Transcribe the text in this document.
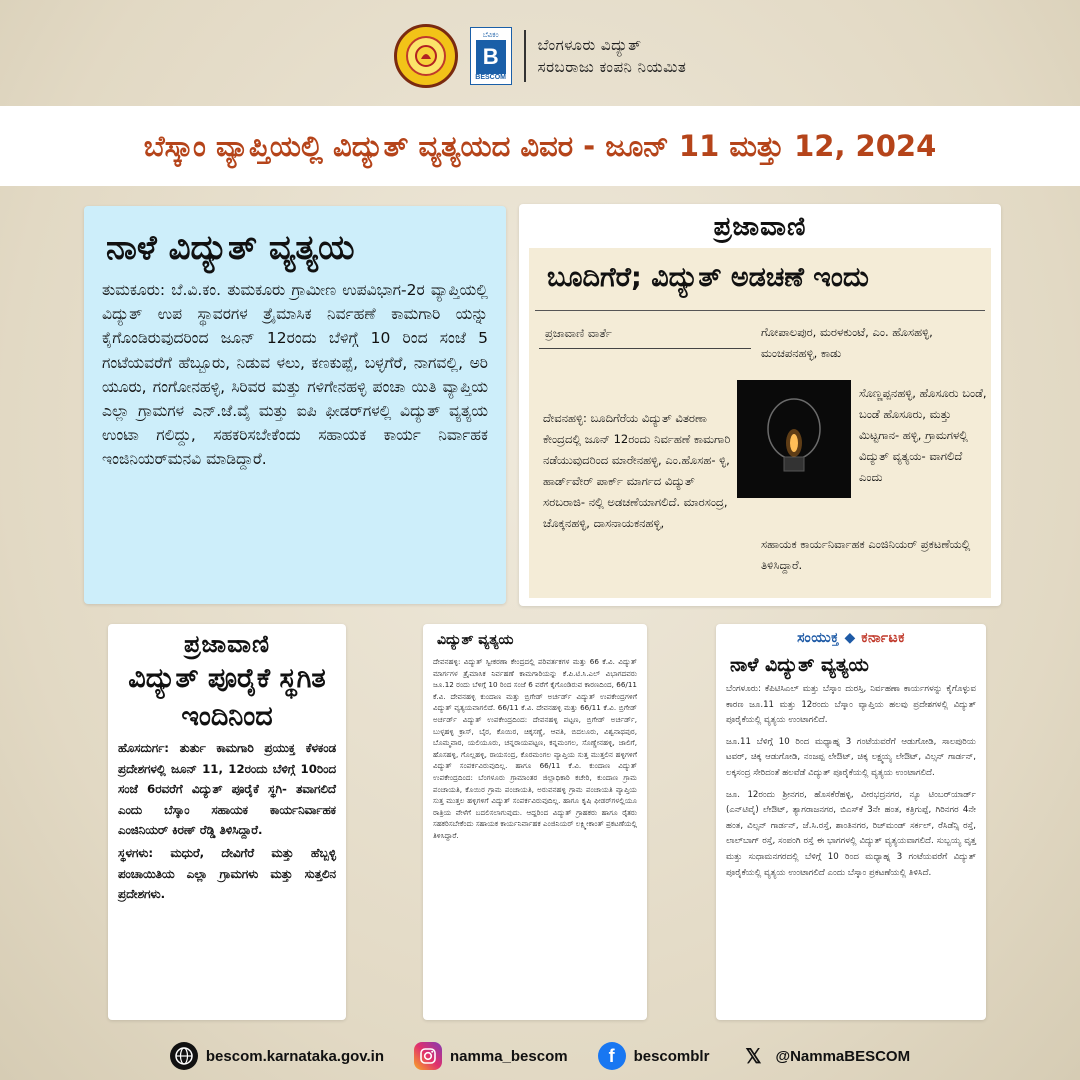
ಬೆವಿಕಂ
B
BESCOM
ಬೆಂಗಳೂರು ವಿದ್ಯುತ್
ಸರಬರಾಜು ಕಂಪನಿ ನಿಯಮಿತ
ಬೆಸ್ಕಾಂ ವ್ಯಾಪ್ತಿಯಲ್ಲಿ ವಿದ್ಯುತ್ ವ್ಯತ್ಯಯದ ವಿವರ - ಜೂನ್ 11 ಮತ್ತು 12, 2024
ನಾಳೆ ವಿದ್ಯುತ್ ವ್ಯತ್ಯಯ
ತುಮಕೂರು: ಬೆ.ವಿ.ಕಂ. ತುಮಕೂರು ಗ್ರಾಮೀಣ ಉಪವಿಭಾಗ-2ರ ವ್ಯಾಪ್ತಿಯಲ್ಲಿ ವಿದ್ಯುತ್ ಉಪ ಸ್ಥಾವರಗಳ ತ್ರೈಮಾಸಿಕ ನಿರ್ವಹಣೆ ಕಾಮಗಾರಿ ಯನ್ನು ಕೈಗೊಂಡಿರುವುದರಿಂದ ಜೂನ್ 12ರಂದು ಬೆಳಿಗ್ಗೆ 10 ರಿಂದ ಸಂಜೆ 5 ಗಂಟೆಯವರೆಗೆ ಹೆಬ್ಬೂರು, ನಿಡುವ ಳಲು, ಕಣಕುಪ್ಪೆ, ಬಳ್ಳಗೆರೆ, ನಾಗವಲ್ಲಿ, ಅರಿ ಯೂರು, ಗಂಗೋನಹಳ್ಳಿ, ಸಿರಿವರ ಮತ್ತು ಗಳಿಗೇನಹಳ್ಳಿ ಪಂಚಾ ಯಿತಿ ವ್ಯಾಪ್ತಿಯ ಎಲ್ಲಾ ಗ್ರಾಮಗಳ ಎನ್.ಜೆ.ವೈ ಮತ್ತು ಐಪಿ ಫೀಡರ್‌ಗಳಲ್ಲಿ ವಿದ್ಯುತ್ ವ್ಯತ್ಯಯ ಉಂಟಾ ಗಲಿದ್ದು, ಸಹಕರಿಸಬೇಕೆಂದು ಸಹಾಯಕ ಕಾರ್ಯ ನಿರ್ವಾಹಕ ಇಂಜಿನಿಯರ್‌ಮನವಿ ಮಾಡಿದ್ದಾರೆ.
ಪ್ರಜಾವಾಣಿ
ಬೂದಿಗೆರೆ; ವಿದ್ಯುತ್ ಅಡಚಣೆ ಇಂದು
ಪ್ರಜಾವಾಣಿ ವಾರ್ತೆ
ದೇವನಹಳ್ಳಿ: ಬೂದಿಗೆರೆಯ ವಿದ್ಯುತ್ ವಿತರಣಾ ಕೇಂದ್ರದಲ್ಲಿ ಜೂನ್ 12ರಂದು ನಿರ್ವಹಣೆ ಕಾಮಗಾರಿ ನಡೆಯುವುದರಿಂದ ಮಾರೇನಹಳ್ಳಿ, ಎಂ.ಹೊಸಹ- ಳ್ಳಿ, ಹಾರ್ಡ್‌ವೇರ್ ಪಾರ್ಕ್ ಮಾರ್ಗದ ವಿದ್ಯುತ್ ಸರಬರಾಜಿ- ನಲ್ಲಿ ಅಡಚಣೆಯಾಗಲಿದೆ. ಮಾರಸಂದ್ರ, ಚೊಕ್ಕನಹಳ್ಳಿ, ದಾಸನಾಯಕನಹಳ್ಳಿ,
ಗೋಪಾಲಪುರ, ಮರಳಕುಂಟೆ, ಎಂ. ಹೊಸಹಳ್ಳಿ, ಮಂಚಪನಹಳ್ಳಿ, ಕಾಡು
ಸೊಣ್ಣಪ್ಪನಹಳ್ಳಿ, ಹೊಸೂರು ಬಂಡೆ, ಬಂಡೆ ಹೊಸೂರು, ಮತ್ತು ಮಿಟ್ಟಗಾನ- ಹಳ್ಳಿ, ಗ್ರಾಮಗಳಲ್ಲಿ ವಿದ್ಯುತ್ ವ್ಯತ್ಯಯ- ವಾಗಲಿದೆ ಎಂದು
ಸಹಾಯಕ ಕಾರ್ಯನಿರ್ವಾಹಕ ಎಂಜಿನಿಯರ್ ಪ್ರಕಟಣೆಯಲ್ಲಿ ತಿಳಿಸಿದ್ದಾರೆ.
ಪ್ರಜಾವಾಣಿ
ವಿದ್ಯುತ್ ಪೂರೈಕೆ ಸ್ಥಗಿತ ಇಂದಿನಿಂದ
ಹೊಸದುರ್ಗ: ತುರ್ತು ಕಾಮಗಾರಿ ಪ್ರಯುಕ್ತ ಕೆಳಕಂಡ ಪ್ರದೇಶಗಳಲ್ಲಿ ಜೂನ್ 11, 12ರಂದು ಬೆಳಿಗ್ಗೆ 10ರಿಂದ ಸಂಜೆ 6ರವರೆಗೆ ವಿದ್ಯುತ್ ಪೂರೈಕೆ ಸ್ಥಗಿ- ತವಾಗಲಿದೆ ಎಂದು ಬೆಸ್ಕಾಂ ಸಹಾಯಕ ಕಾರ್ಯನಿರ್ವಾಹಕ ಎಂಜಿನಿಯರ್ ಕಿರಣ್ ರೆಡ್ಡಿ ತಿಳಿಸಿದ್ದಾರೆ.
ಸ್ಥಳಗಳು: ಮಧುರೆ, ದೇವಿಗೆರೆ ಮತ್ತು ಹೆಬ್ಬಳ್ಳಿ ಪಂಚಾಯಿತಿಯ ಎಲ್ಲಾ ಗ್ರಾಮಗಳು ಮತ್ತು ಸುತ್ತಲಿನ ಪ್ರದೇಶಗಳು.
ವಿದ್ಯುತ್ ವ್ಯತ್ಯಯ
ದೇವನಹಳ್ಳಿ: ವಿದ್ಯುತ್ ಸ್ವೀಕರಣಾ ಕೇಂದ್ರದಲ್ಲಿ ಪರಿವರ್ತಕಗಳ ಮತ್ತು 66 ಕೆ.ವಿ. ವಿದ್ಯುತ್ ಮಾರ್ಗಗಳ ತ್ರೈಮಾಸಿಕ ನಿರ್ವಹಣೆ ಕಾಮಗಾರಿಯನ್ನು ಕೆ.ಪಿ.ಟಿ.ಸಿ.ಎಲ್ ವಿಭಾಗದವರು ಜೂ.12 ರಂದು ಬೆಳಿಗ್ಗೆ 10 ರಿಂದ ಸಂಜೆ 6 ವರೆಗೆ ಕೈಗೊಂಡಿರುವ ಕಾರಣದಿಂದ, 66/11 ಕೆ.ವಿ. ದೇವನಹಳ್ಳಿ ಕುಂದಾಣ ಮತ್ತು ಬ್ರಿಗೇಡ್ ಅರ್ಚರ್ಡ್ ವಿದ್ಯುತ್ ಉಪಕೇಂದ್ರಗಳಿಗೆ ವಿದ್ಯುತ್ ವ್ಯತ್ಯಯವಾಗಲಿದೆ. 66/11 ಕೆ.ವಿ. ದೇವನಹಳ್ಳಿ ಮತ್ತು 66/11 ಕೆ.ವಿ. ಬ್ರಿಗೇಡ್ ಅರ್ಚರ್ಡ್ ವಿದ್ಯುತ್ ಉಪಕೇಂದ್ರದಿಂದ: ದೇವನಹಳ್ಳಿ ಪಟ್ಟಣ, ಬ್ರಿಗೇಡ್ ಅರ್ಚರ್ಡ್, ಬುಳ್ಳಹಳ್ಳಿ ಕ್ರಾಸ್, ಬೈರ, ಕೊಯಿರ, ಚಿಕ್ಕಸಣ್ಣೆ, ಆವತಿ, ಬಿದಲೂರು, ವಿಶ್ವನಾಥಪುರ, ಬೊಮ್ಮವಾರ, ಯಲಿಯೂರು, ಚನ್ನರಾಯಪಟ್ಟಣ, ಕನ್ನಮಂಗಲ, ಸೊಣ್ಣೇನಹಳ್ಳಿ, ಜಾಲಿಗೆ, ಹೊಸಹಳ್ಳಿ, ಗೊಲ್ಲಹಳ್ಳಿ, ರಾಯಸಂದ್ರ, ಕೊರಮಂಗಲ ವ್ಯಾಪ್ತಿಯ ಸುತ್ತ ಮುತ್ತಲಿನ ಹಳ್ಳಿಗಳಿಗೆ ವಿದ್ಯುತ್ ಸಂಪರ್ಕವಿರುವುದಿಲ್ಲ. ಹಾಗೂ 66/11 ಕೆ.ವಿ. ಕುಂದಾಣ ವಿದ್ಯುತ್ ಉಪಕೇಂದ್ರದಿಂದ: ಬೆಂಗಳೂರು ಗ್ರಾಮಾಂತರ ಜಿಲ್ಲಾಧಿಕಾರಿ ಕಚೇರಿ, ಕುಂದಾಣ ಗ್ರಾಮ ಪಂಚಾಯತಿ, ಕೊಯಿರ ಗ್ರಾಮ ಪಂಚಾಯತಿ, ಅರುವನಹಳ್ಳಿ ಗ್ರಾಮ ಪಂಚಾಯತಿ ವ್ಯಾಪ್ತಿಯ ಸುತ್ತ ಮುತ್ತಲ ಹಳ್ಳಿಗಳಿಗೆ ವಿದ್ಯುತ್ ಸಂಪರ್ಕವಿರುವುದಿಲ್ಲ. ಹಾಗೂ ಕೃಷಿ ಫೀಡರ್‌ಗಳಲ್ಲಿಯೂ ರಾತ್ರಿಯ ವೇಳೆಗೆ ಬದಲಿಸಲಾಗುವುದು. ಆದ್ದರಿಂದ ವಿದ್ಯುತ್ ಗ್ರಾಹಕರು ಹಾಗೂ ರೈತರು ಸಹಕರಿಸಬೇಕೆಂದು ಸಹಾಯಕ ಕಾರ್ಯನಿರ್ವಾಹಕ ಎಂಜಿನಿಯರ್ ಲಕ್ಷ್ಮೀಕಾಂತ್ ಪ್ರಕಟಣೆಯಲ್ಲಿ ತಿಳಿಸಿದ್ದಾರೆ.
ಸಂಯುಕ್ತ ◆ ಕರ್ನಾಟಕ
ನಾಳೆ ವಿದ್ಯುತ್ ವ್ಯತ್ಯಯ
ಬೆಂಗಳೂರು: ಕೆಪಿಟಿಸಿಎಲ್ ಮತ್ತು ಬೆಸ್ಕಾಂ ದುರಸ್ತಿ, ನಿರ್ವಹಣಾ ಕಾರ್ಯಗಳನ್ನು ಕೈಗೊಳ್ಳುವ ಕಾರಣ ಜೂ.11 ಮತ್ತು 12ರಂದು ಬೆಸ್ಕಾಂ ವ್ಯಾಪ್ತಿಯ ಹಲವು ಪ್ರದೇಶಗಳಲ್ಲಿ ವಿದ್ಯುತ್ ಪೂರೈಕೆಯಲ್ಲಿ ವ್ಯತ್ಯಯ ಉಂಟಾಗಲಿದೆ.
ಜೂ.11 ಬೆಳಿಗ್ಗೆ 10 ರಿಂದ ಮಧ್ಯಾಹ್ನ 3 ಗಂಟೆಯವರೆಗೆ ಆಡುಗೋಡಿ, ಸಾಲಪುರಿಯ ಟವರ್, ಚಿಕ್ಕ ಆಡುಗೋಡಿ, ನಂಜಪ್ಪ ಲೇಔಟ್, ಚಿಕ್ಕ ಲಕ್ಷ್ಮಯ್ಯ ಲೇಔಟ್, ವಿಲ್ಸನ್ ಗಾರ್ಡನ್, ಲಕ್ಕಸಂದ್ರ ಸೇರಿದಂತೆ ಹಲವೆಡೆ ವಿದ್ಯುತ್ ಪೂರೈಕೆಯಲ್ಲಿ ವ್ಯತ್ಯಯ ಉಂಟಾಗಲಿದೆ.
ಜೂ. 12ರಂದು ಶ್ರೀನಗರ, ಹೊಸಕೆರೆಹಳ್ಳಿ, ವೀರಭದ್ರನಗರ, ನ್ಯೂ ಟಿಂಬರ್‌ಯಾರ್ಡ್ (ಎನ್‌ಟಿವೈ) ಲೇಔಟ್, ತ್ಯಾಗರಾಜನಗರ, ಬಿಎಸ್‌ಕೆ 3ನೇ ಹಂತ, ಕತ್ರಿಗುಪ್ಪೆ, ಗಿರಿನಗರ 4ನೇ ಹಂತ, ವಿಲ್ಸನ್ ಗಾರ್ಡನ್, ಜೆ.ಸಿ.ರಸ್ತೆ, ಶಾಂತಿನಗರ, ರಿಚ್‌ಮಂಡ್ ಸರ್ಕಲ್, ರೆಸಿಡೆನ್ಸಿ ರಸ್ತೆ, ಲಾಲ್‌ಬಾಗ್ ರಸ್ತೆ, ಸಂಪಂಗಿ ರಸ್ತೆ ಈ ಭಾಗಗಳಲ್ಲಿ ವಿದ್ಯುತ್ ವ್ಯತ್ಯಯವಾಗಲಿದೆ. ಸುಬ್ಬಯ್ಯ ವೃತ್ತ ಮತ್ತು ಸುಧಾಮನಗರದಲ್ಲಿ ಬೆಳಿಗ್ಗೆ 10 ರಿಂದ ಮಧ್ಯಾಹ್ನ 3 ಗಂಟೆಯವರೆಗೆ ವಿದ್ಯುತ್ ಪೂರೈಕೆಯಲ್ಲಿ ವ್ಯತ್ಯಯ ಉಂಟಾಗಲಿದೆ ಎಂದು ಬೆಸ್ಕಾಂ ಪ್ರಕಟಣೆಯಲ್ಲಿ ತಿಳಿಸಿದೆ.
bescom.karnataka.gov.in	namma_bescom	f	bescomblr 𝕏 @NammaBESCOM
